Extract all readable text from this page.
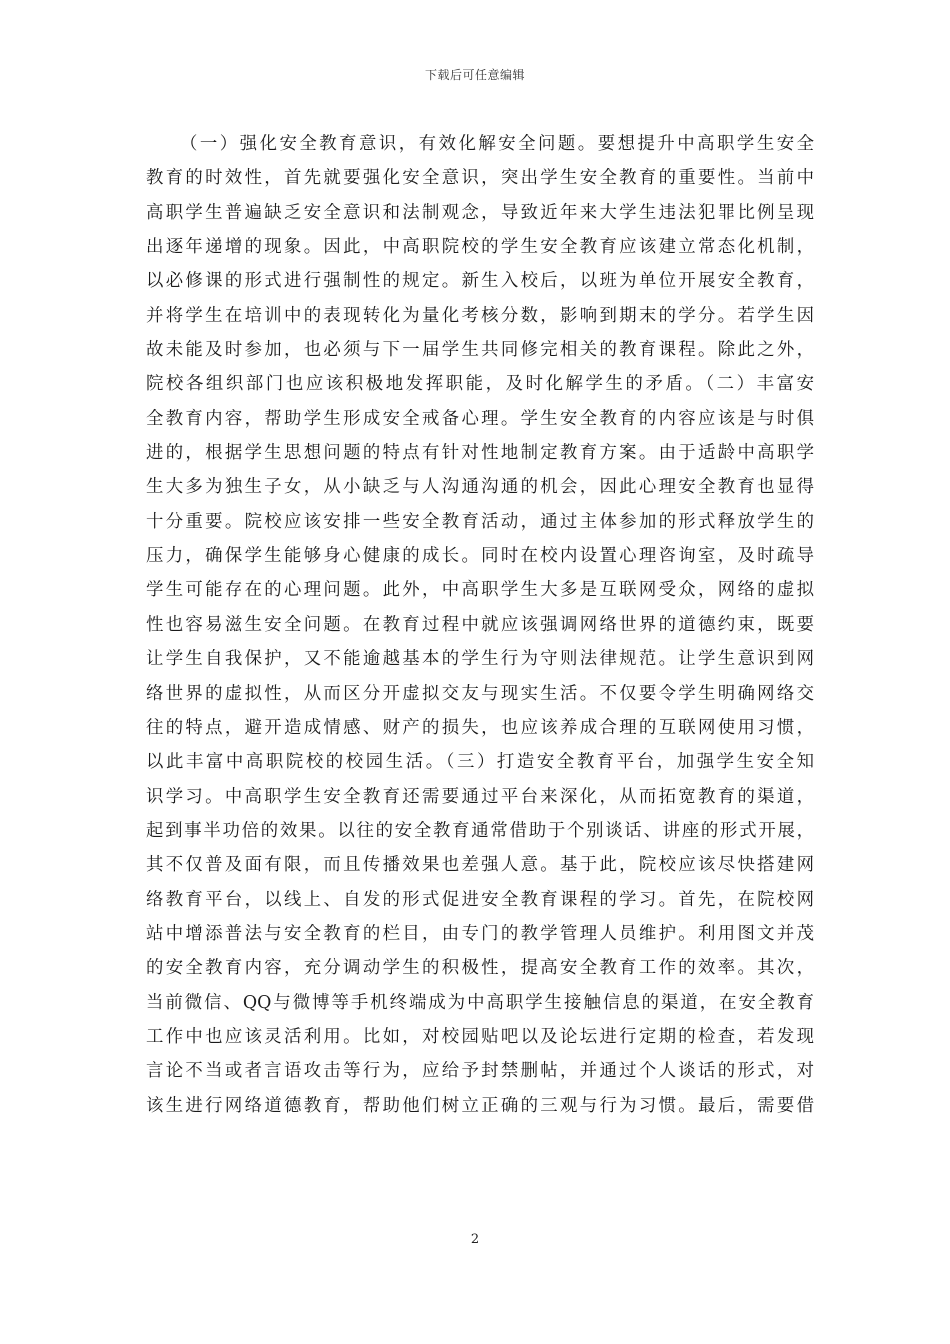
下载后可任意编辑
（一）强化安全教育意识，有效化解安全问题。要想提升中高职学生安全
教育的时效性，首先就要强化安全意识，突出学生安全教育的重要性。当前中
高职学生普遍缺乏安全意识和法制观念，导致近年来大学生违法犯罪比例呈现
出逐年递增的现象。因此，中高职院校的学生安全教育应该建立常态化机制，
以必修课的形式进行强制性的规定。新生入校后，以班为单位开展安全教育，
并将学生在培训中的表现转化为量化考核分数，影响到期末的学分。若学生因
故未能及时参加，也必须与下一届学生共同修完相关的教育课程。除此之外，
院校各组织部门也应该积极地发挥职能，及时化解学生的矛盾。（二）丰富安
全教育内容，帮助学生形成安全戒备心理。学生安全教育的内容应该是与时俱
进的，根据学生思想问题的特点有针对性地制定教育方案。由于适龄中高职学
生大多为独生子女，从小缺乏与人沟通沟通的机会，因此心理安全教育也显得
十分重要。院校应该安排一些安全教育活动，通过主体参加的形式释放学生的
压力，确保学生能够身心健康的成长。同时在校内设置心理咨询室，及时疏导
学生可能存在的心理问题。此外，中高职学生大多是互联网受众，网络的虚拟
性也容易滋生安全问题。在教育过程中就应该强调网络世界的道德约束，既要
让学生自我保护，又不能逾越基本的学生行为守则法律规范。让学生意识到网
络世界的虚拟性，从而区分开虚拟交友与现实生活。不仅要令学生明确网络交
往的特点，避开造成情感、财产的损失，也应该养成合理的互联网使用习惯，
以此丰富中高职院校的校园生活。（三）打造安全教育平台，加强学生安全知
识学习。中高职学生安全教育还需要通过平台来深化，从而拓宽教育的渠道，
起到事半功倍的效果。以往的安全教育通常借助于个别谈话、讲座的形式开展，
其不仅普及面有限，而且传播效果也差强人意。基于此，院校应该尽快搭建网
络教育平台，以线上、自发的形式促进安全教育课程的学习。首先，在院校网
站中增添普法与安全教育的栏目，由专门的教学管理人员维护。利用图文并茂
的安全教育内容，充分调动学生的积极性，提高安全教育工作的效率。其次，
当前微信、QQ与微博等手机终端成为中高职学生接触信息的渠道，在安全教育
工作中也应该灵活利用。比如，对校园贴吧以及论坛进行定期的检查，若发现
言论不当或者言语攻击等行为，应给予封禁删帖，并通过个人谈话的形式，对
该生进行网络道德教育，帮助他们树立正确的三观与行为习惯。最后，需要借
2
